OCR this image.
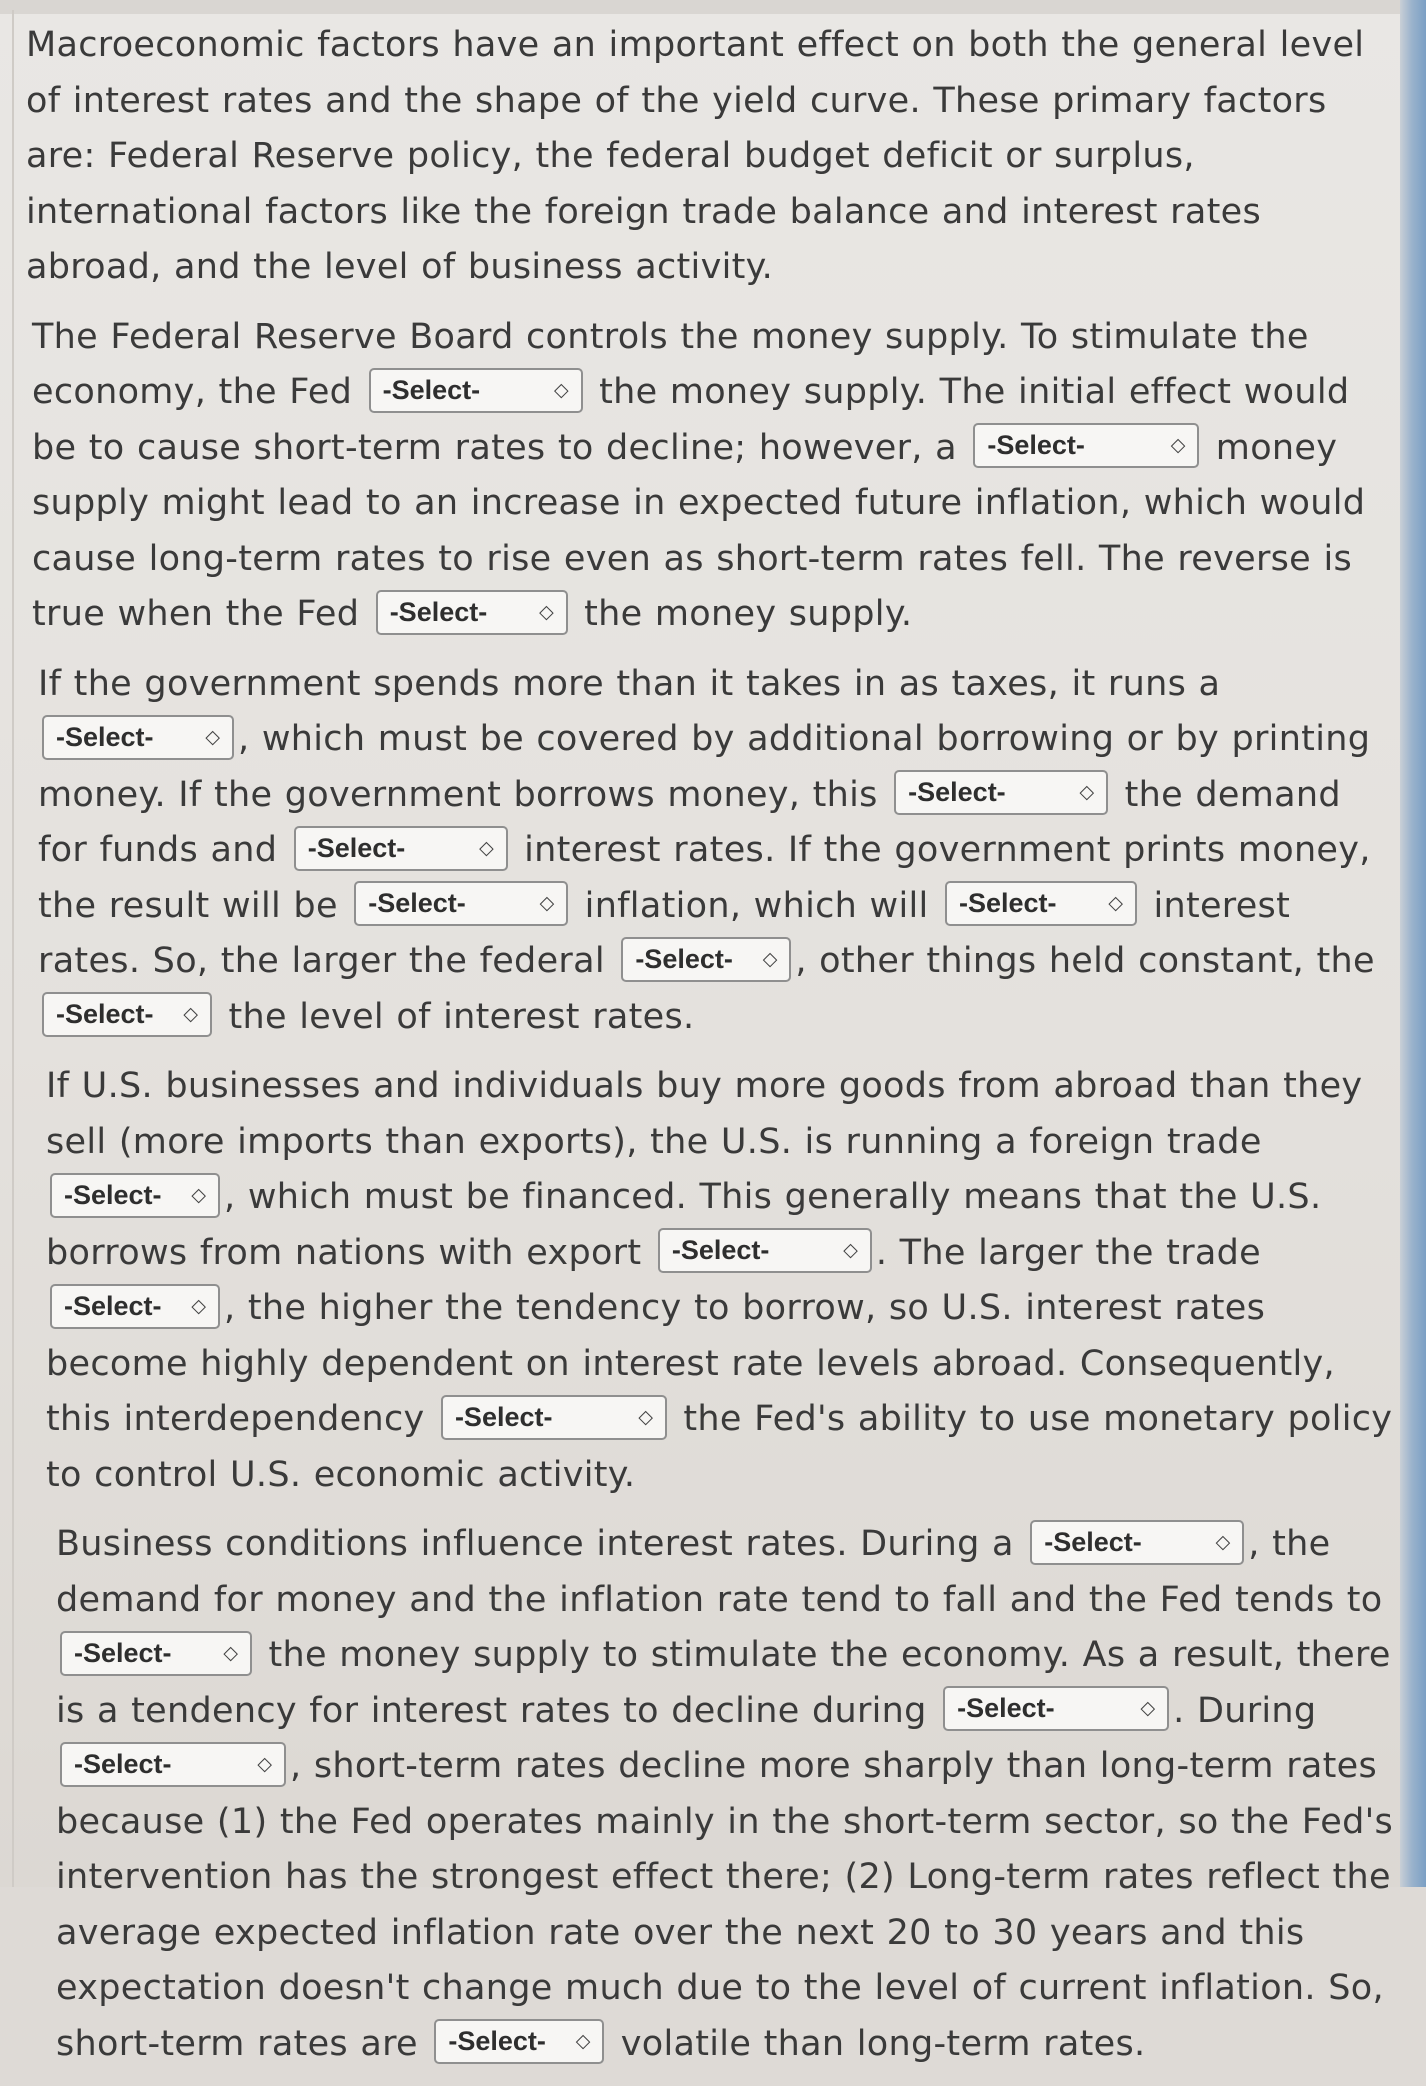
Macroeconomic factors have an important effect on both the general level of interest rates and the shape of the yield curve. These primary factors are: Federal Reserve policy, the federal budget deficit or surplus, international factors like the foreign trade balance and interest rates abroad, and the level of business activity.

The Federal Reserve Board controls the money supply. To stimulate the economy, the Fed -Select-	◇ the money supply. The initial effect would be to cause short-term rates to decline; however, a -Select-	◇ money supply might lead to an increase in expected future inflation, which would cause long-term rates to rise even as short-term rates fell. The reverse is true when the Fed -Select-	◇ the money supply.

If the government spends more than it takes in as taxes, it runs a -Select-	◇ , which must be covered by additional borrowing or by printing money. If the government borrows money, this -Select-	◇ the demand for funds and -Select-	◇ interest rates. If the government prints money, the result will be -Select-	◇ inflation, which will -Select-	◇ interest rates. So, the larger the federal -Select- ◇ , other things held constant, the -Select- ◇ the level of interest rates.

If U.S. businesses and individuals buy more goods from abroad than they sell (more imports than exports), the U.S. is running a foreign trade -Select- ◇ , which must be financed. This generally means that the U.S. borrows from nations with export -Select-	◇ . The larger the trade -Select- ◇ , the higher the tendency to borrow, so U.S. interest rates become highly dependent on interest rate levels abroad. Consequently, this interdependency -Select-	◇ the Fed's ability to use monetary policy to control U.S. economic activity.

Business conditions influence interest rates. During a -Select-	◇ , the demand for money and the inflation rate tend to fall and the Fed tends to -Select-	◇ the money supply to stimulate the economy. As a result, there is a tendency for interest rates to decline during -Select-	◇ . During -Select-	◇ , short-term rates decline more sharply than long-term rates because (1) the Fed operates mainly in the short-term sector, so the Fed's intervention has the strongest effect there; (2) Long-term rates reflect the average expected inflation rate over the next 20 to 30 years and this expectation doesn't change much due to the level of current inflation. So, short-term rates are -Select- ◇ volatile than long-term rates.
